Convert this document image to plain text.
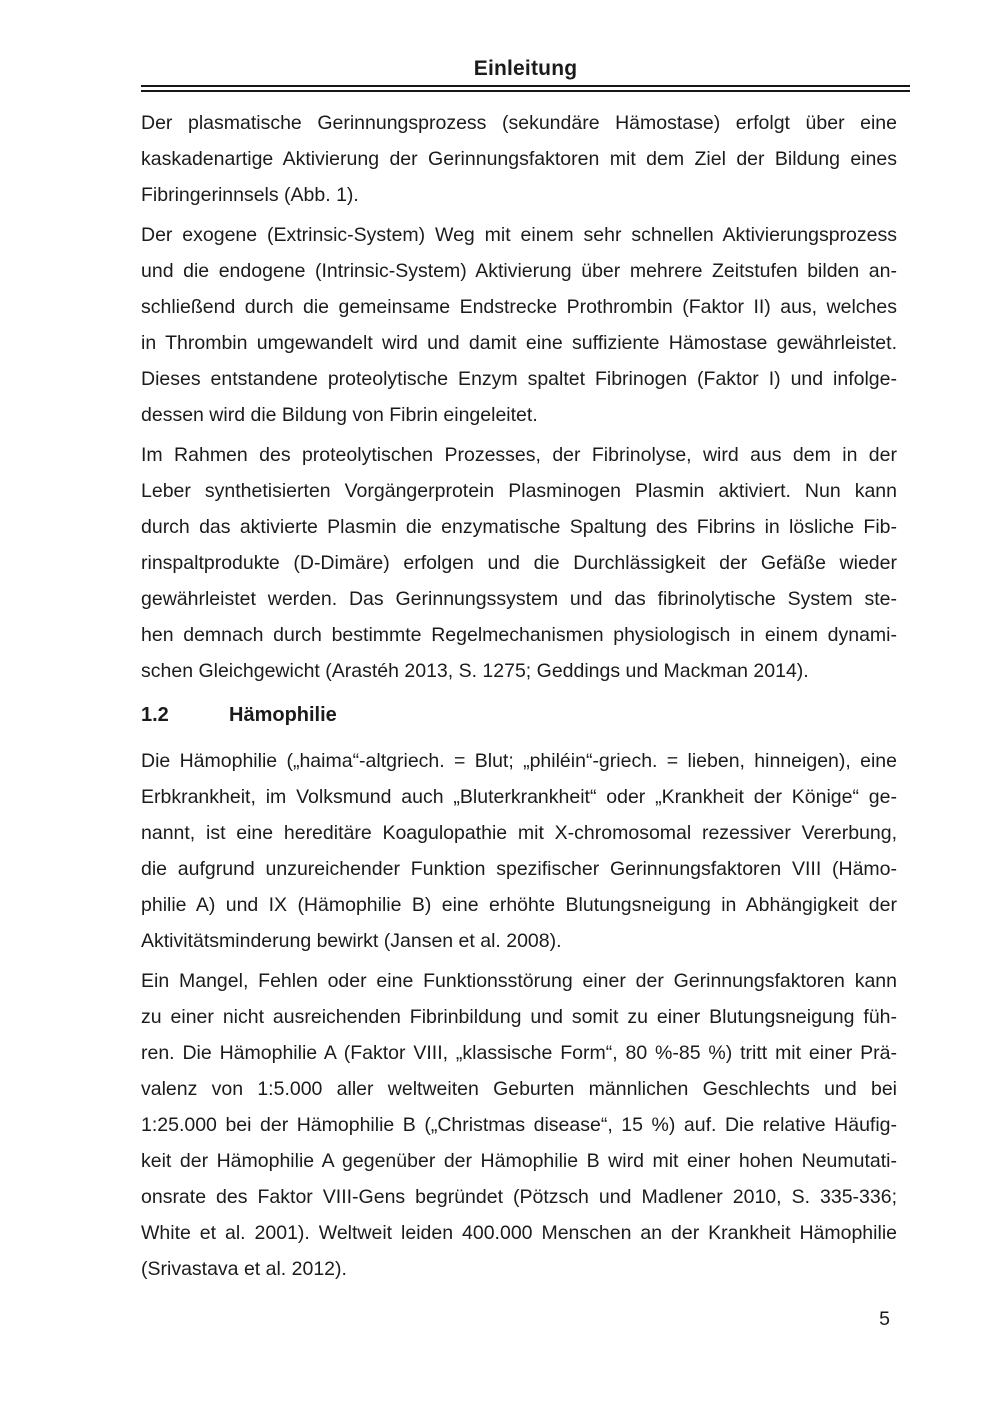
Einleitung
Der plasmatische Gerinnungsprozess (sekundäre Hämostase) erfolgt über eine
kaskadenartige Aktivierung der Gerinnungsfaktoren mit dem Ziel der Bildung eines
Fibringerinnsels (Abb. 1).
Der exogene (Extrinsic-System) Weg mit einem sehr schnellen Aktivierungsprozess
und die endogene (Intrinsic-System) Aktivierung über mehrere Zeitstufen bilden an-
schließend durch die gemeinsame Endstrecke Prothrombin (Faktor II) aus, welches
in Thrombin umgewandelt wird und damit eine suffiziente Hämostase gewährleistet.
Dieses entstandene proteolytische Enzym spaltet Fibrinogen (Faktor I) und infolge-
dessen wird die Bildung von Fibrin eingeleitet.
Im Rahmen des proteolytischen Prozesses, der Fibrinolyse, wird aus dem in der
Leber synthetisierten Vorgängerprotein Plasminogen Plasmin aktiviert. Nun kann
durch das aktivierte Plasmin die enzymatische Spaltung des Fibrins in lösliche Fib-
rinspaltprodukte (D-Dimäre) erfolgen und die Durchlässigkeit der Gefäße wieder
gewährleistet werden. Das Gerinnungssystem und das fibrinolytische System ste-
hen demnach durch bestimmte Regelmechanismen physiologisch in einem dynami-
schen Gleichgewicht (Arastéh 2013, S. 1275; Geddings und Mackman 2014).
1.2	Hämophilie
Die Hämophilie („haima“-altgriech. = Blut; „philéin“-griech. = lieben, hinneigen), eine
Erbkrankheit, im Volksmund auch „Bluterkrankheit“ oder „Krankheit der Könige“ ge-
nannt, ist eine hereditäre Koagulopathie mit X-chromosomal rezessiver Vererbung,
die aufgrund unzureichender Funktion spezifischer Gerinnungsfaktoren VIII (Hämo-
philie A) und IX (Hämophilie B) eine erhöhte Blutungsneigung in Abhängigkeit der
Aktivitätsminderung bewirkt (Jansen et al. 2008).
Ein Mangel, Fehlen oder eine Funktionsstörung einer der Gerinnungsfaktoren kann
zu einer nicht ausreichenden Fibrinbildung und somit zu einer Blutungsneigung füh-
ren. Die Hämophilie A (Faktor VIII, „klassische Form“, 80 %-85 %) tritt mit einer Prä-
valenz von 1:5.000 aller weltweiten Geburten männlichen Geschlechts und bei
1:25.000 bei der Hämophilie B („Christmas disease“, 15 %) auf. Die relative Häufig-
keit der Hämophilie A gegenüber der Hämophilie B wird mit einer hohen Neumutati-
onsrate des Faktor VIII-Gens begründet (Pötzsch und Madlener 2010, S. 335-336;
White et al. 2001). Weltweit leiden 400.000 Menschen an der Krankheit Hämophilie
(Srivastava et al. 2012).
5
